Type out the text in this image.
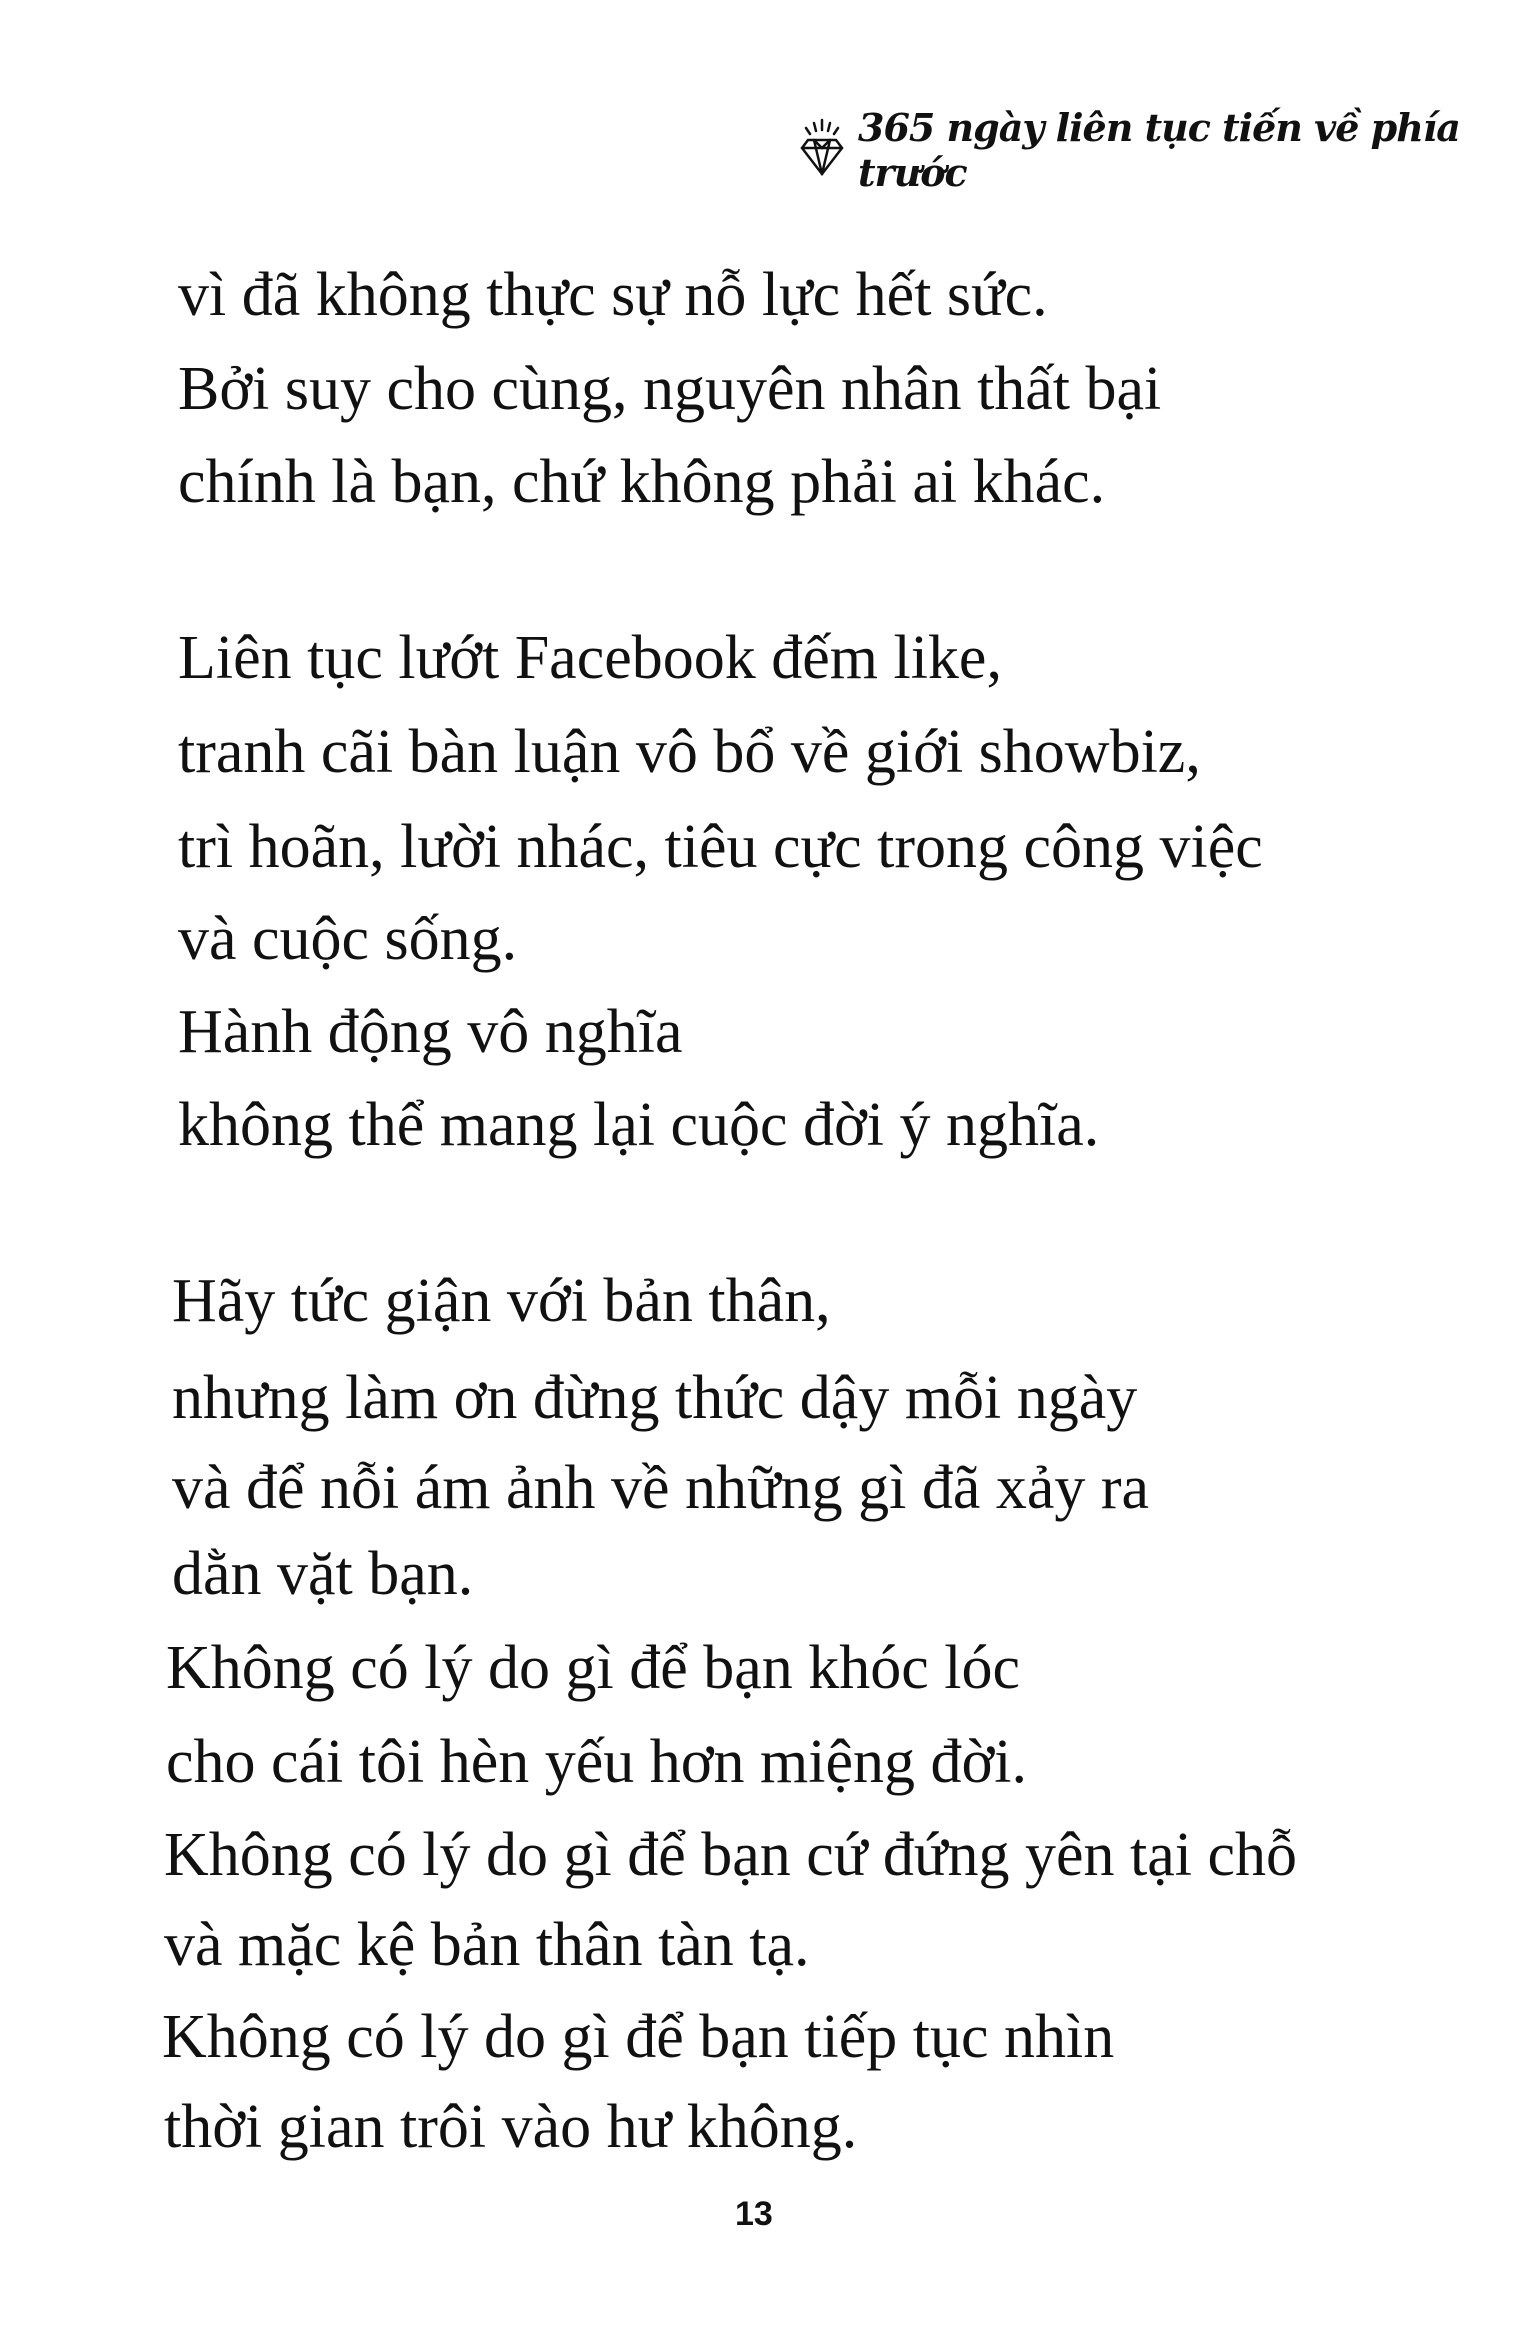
365 ngày liên tục tiến về phía trước
vì đã không thực sự nỗ lực hết sức.
Bởi suy cho cùng, nguyên nhân thất bại
chính là bạn, chứ không phải ai khác.
Liên tục lướt Facebook đếm like,
tranh cãi bàn luận vô bổ về giới showbiz,
trì hoãn, lười nhác, tiêu cực trong công việc
và cuộc sống.
Hành động vô nghĩa
không thể mang lại cuộc đời ý nghĩa.
Hãy tức giận với bản thân,
nhưng làm ơn đừng thức dậy mỗi ngày
và để nỗi ám ảnh về những gì đã xảy ra
dằn vặt bạn.
Không có lý do gì để bạn khóc lóc
cho cái tôi hèn yếu hơn miệng đời.
Không có lý do gì để bạn cứ đứng yên tại chỗ
và mặc kệ bản thân tàn tạ.
Không có lý do gì để bạn tiếp tục nhìn
thời gian trôi vào hư không.
13
